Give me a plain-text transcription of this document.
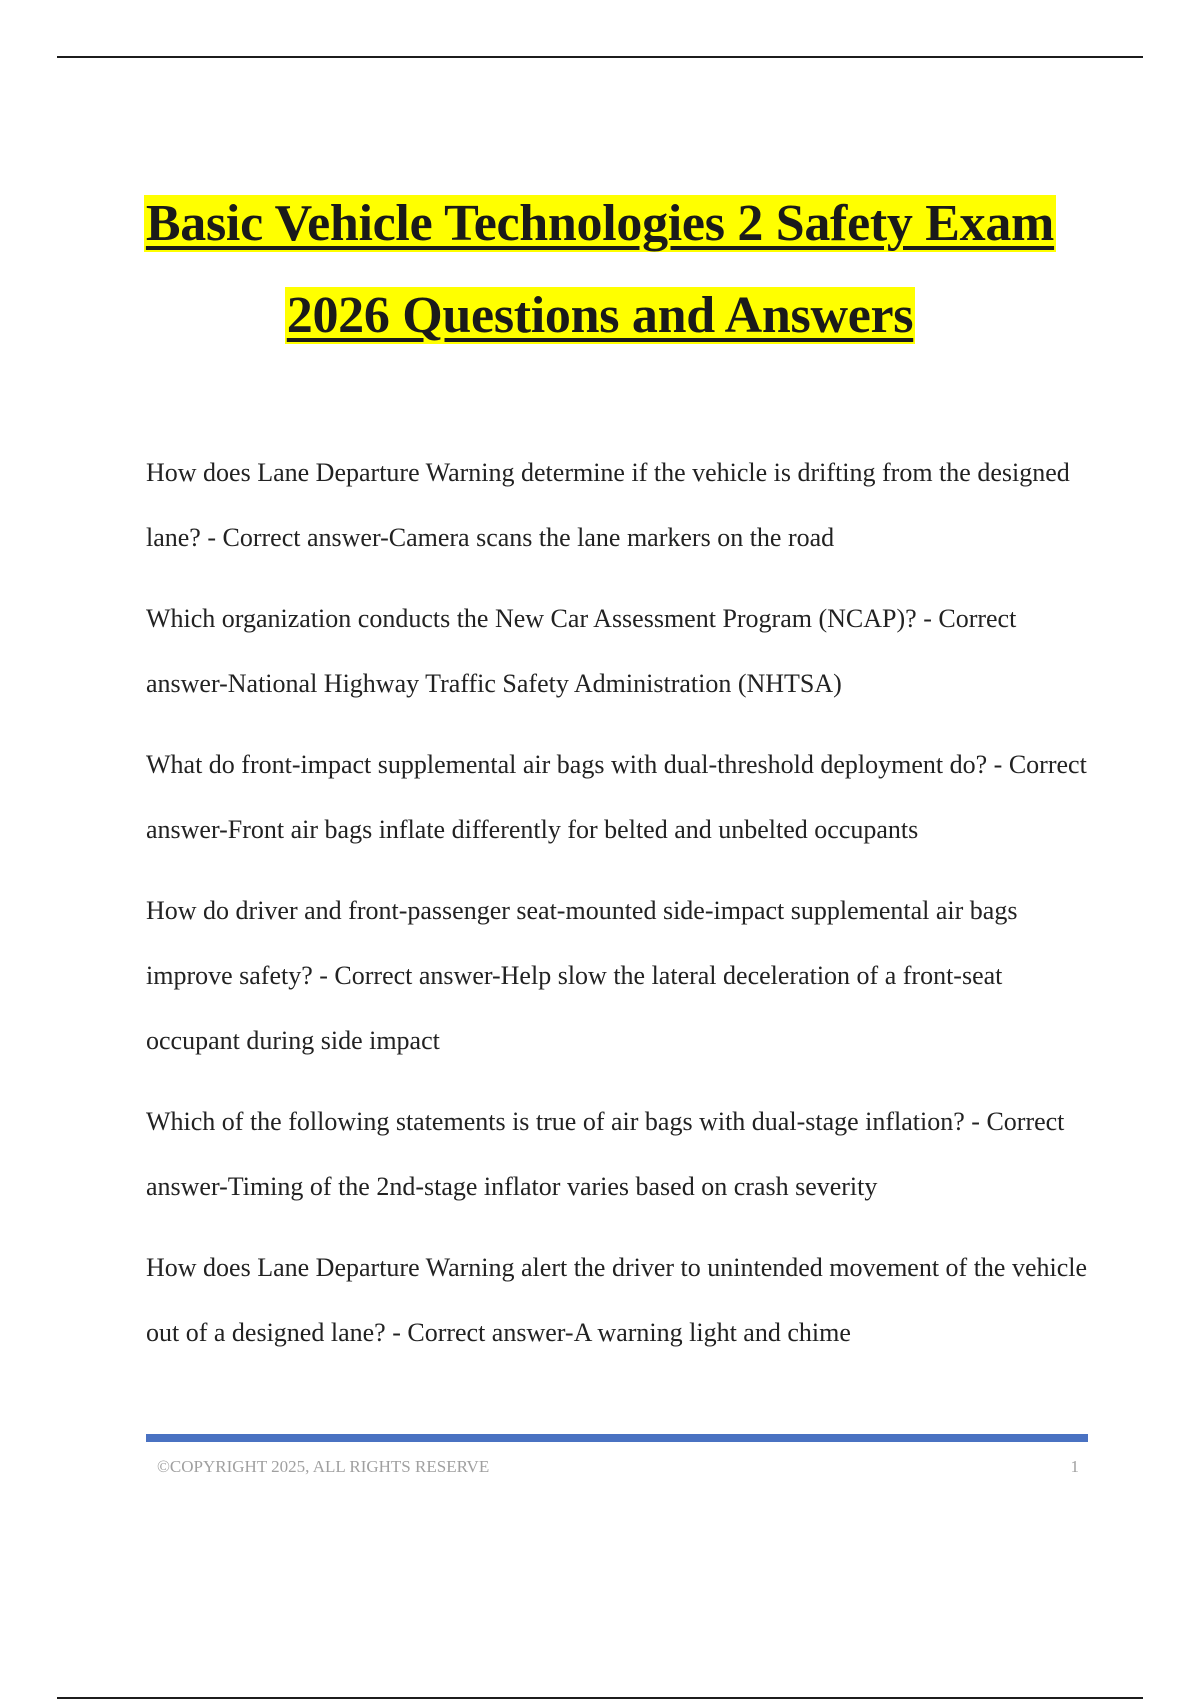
Basic Vehicle Technologies 2 Safety Exam
2026 Questions and Answers

How does Lane Departure Warning determine if the vehicle is drifting from the designed lane? - Correct answer-Camera scans the lane markers on the road

Which organization conducts the New Car Assessment Program (NCAP)? - Correct answer-National Highway Traffic Safety Administration (NHTSA)

What do front-impact supplemental air bags with dual-threshold deployment do? - Correct answer-Front air bags inflate differently for belted and unbelted occupants

How do driver and front-passenger seat-mounted side-impact supplemental air bags improve safety? - Correct answer-Help slow the lateral deceleration of a front-seat occupant during side impact

Which of the following statements is true of air bags with dual-stage inflation? - Correct answer-Timing of the 2nd-stage inflator varies based on crash severity

How does Lane Departure Warning alert the driver to unintended movement of the vehicle out of a designed lane? - Correct answer-A warning light and chime

©COPYRIGHT 2025, ALL RIGHTS RESERVE	1
